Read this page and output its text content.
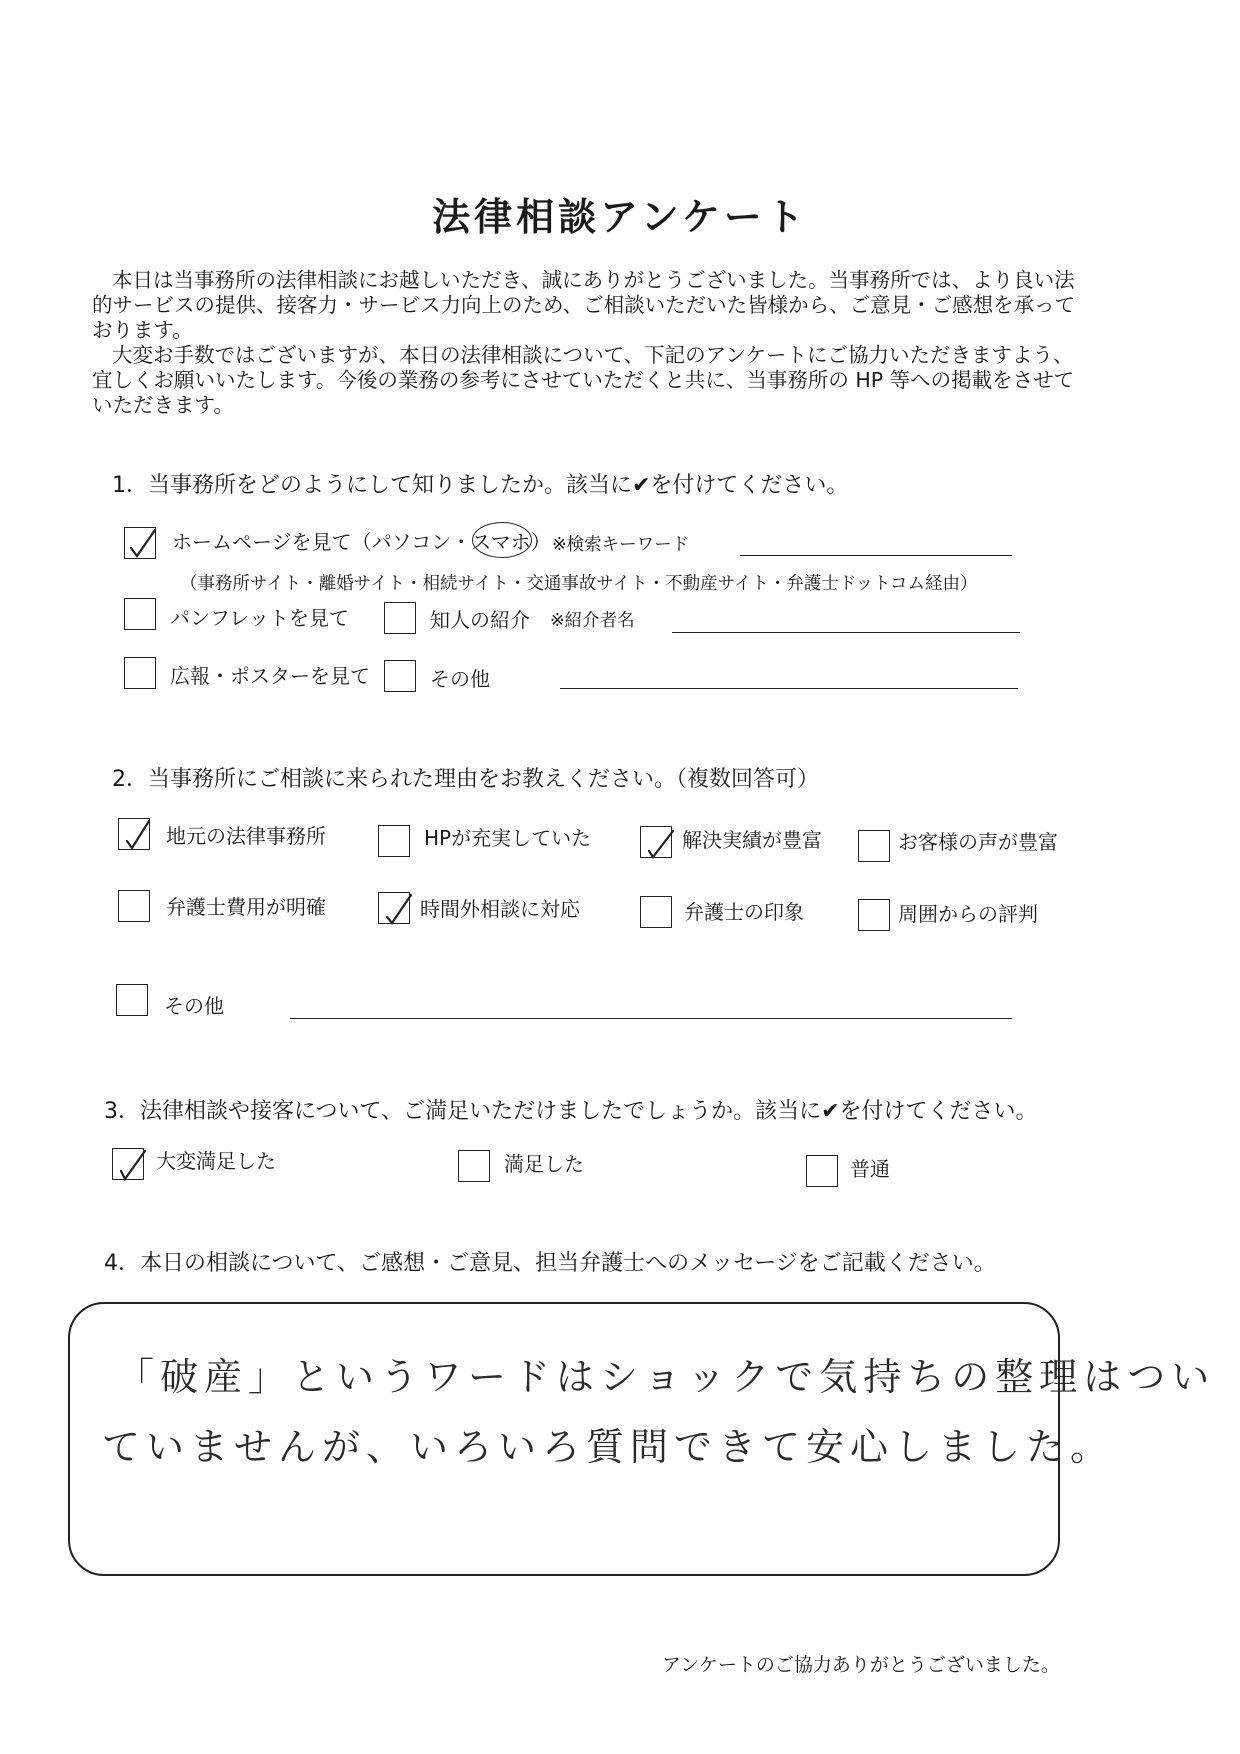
法律相談アンケート
本日は当事務所の法律相談にお越しいただき、誠にありがとうございました。当事務所では、より良い法的サービスの提供、接客力・サービス力向上のため、ご相談いただいた皆様から、ご意見・ご感想を承っております。
大変お手数ではございますが、本日の法律相談について、下記のアンケートにご協力いただきますよう、宜しくお願いいたします。今後の業務の参考にさせていただくと共に、当事務所の HP 等への掲載をさせていただきます。
1．当事務所をどのようにして知りましたか。該当に✔を付けてください。
ホームページを見て（パソコン・スマホ） ※検索キーワード
（事務所サイト・離婚サイト・相続サイト・交通事故サイト・不動産サイト・弁護士ドットコム経由）
パンフレットを見て	知人の紹介 ※紹介者名
広報・ポスターを見て	その他
2．当事務所にご相談に来られた理由をお教えください。（複数回答可）
地元の法律事務所	HPが充実していた	解決実績が豊富	お客様の声が豊富
弁護士費用が明確	時間外相談に対応	弁護士の印象	周囲からの評判
その他
3．法律相談や接客について、ご満足いただけましたでしょうか。該当に✔を付けてください。
大変満足した	満足した	普通
4．本日の相談について、ご感想・ご意見、担当弁護士へのメッセージをご記載ください。
「破産」というワードはショックで気持ちの整理はつい
ていませんが、いろいろ質問できて安心しました。
アンケートのご協力ありがとうございました。
